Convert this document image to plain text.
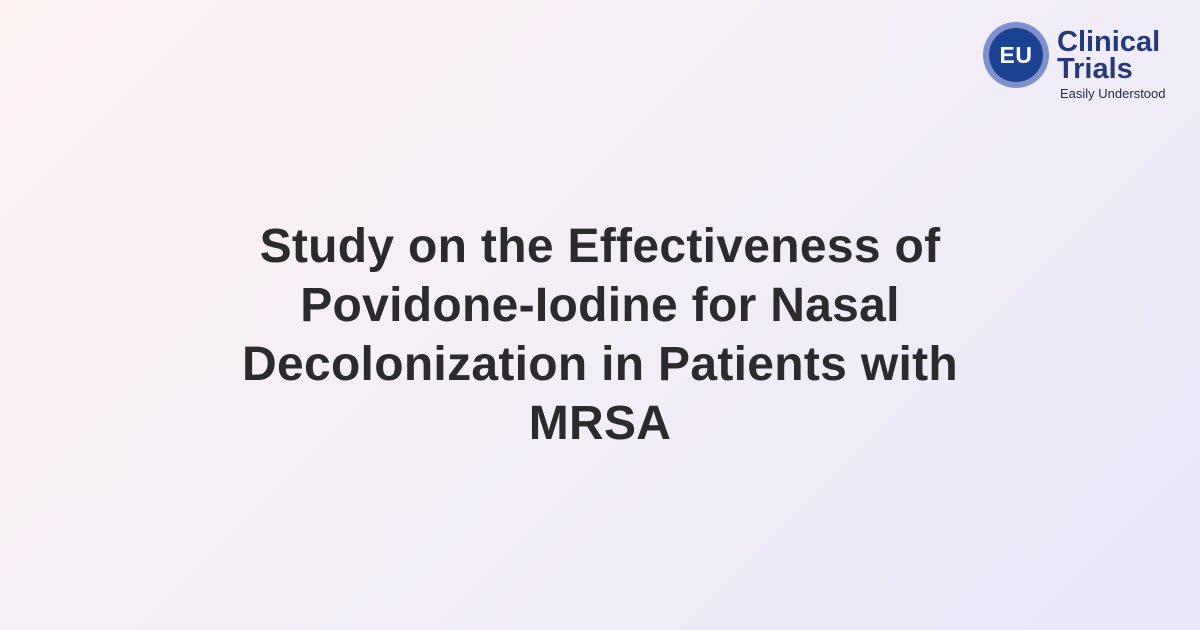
EU Clinical
Trials
Easily Understood
Study on the Effectiveness of
Povidone-Iodine for Nasal
Decolonization in Patients with
MRSA
